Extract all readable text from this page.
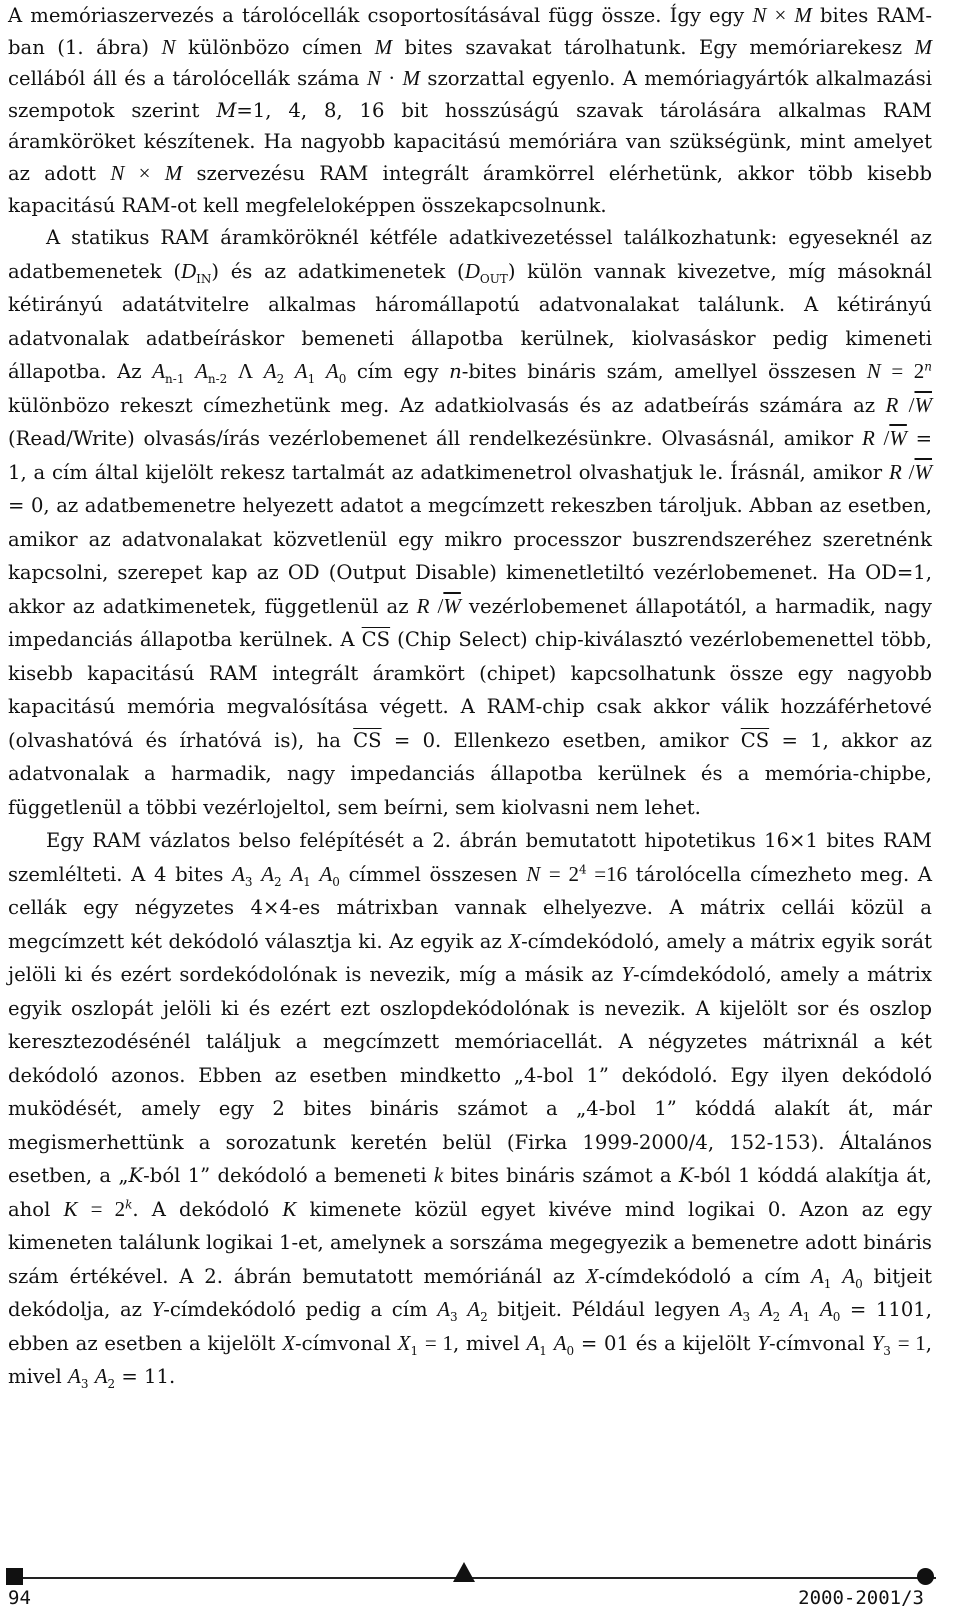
A memóriaszervezés a tárolócellák csoportosításával függ össze. Így egy N × M bites RAM-ban (1. ábra) N különbözo címen M bites szavakat tárolhatunk. Egy memóriarekesz M cellából áll és a tárolócellák száma N · M szorzattal egyenlo. A memóriagyártók alkalmazási szempotok szerint M=1, 4, 8, 16 bit hosszúságú szavak tárolására alkalmas RAM áramköröket készítenek. Ha nagyobb kapacitású memóriára van szükségünk, mint amelyet az adott N × M szervezésu RAM integrált áramkörrel elérhetünk, akkor több kisebb kapacitású RAM-ot kell megfeleloképpen összekapcsolnunk.

A statikus RAM áramköröknél kétféle adatkivezetéssel találkozhatunk: egyeseknél az adatbemenetek $(D_{IN})$ és az adatkimenetek $(D_{OUT})$ külön vannak kivezetve, míg másoknál kétirányú adatátvitelre alkalmas háromállapotú adatvonalakat találunk. A kétirányú adatvonalak adatbeíráskor bemeneti állapotba kerülnek, kiolvasáskor pedig kimeneti állapotba. Az $A_{n-1}$ $A_{n-2}$ Λ $A_2$ $A_1$ $A_0$ cím egy n-bites bináris szám, amellyel összesen $N = 2^n$ különbözo rekeszt címezhetünk meg. Az adatkiolvasás és az adatbeírás számára az R $/\overline{W}$ (Read/Write) olvasás/írás vezérlobemenet áll rendelkezésünkre. Olvasásnál, amikor R $/\overline{W} = 1$, a cím által kijelölt rekesz tartalmát az adatkimenetrol olvashatjuk le. Írásnál, amikor R $/\overline{W} = 0$, az adatbemenetre helyezett adatot a megcímzett rekeszben tároljuk. Abban az esetben, amikor az adatvonalakat közvetlenül egy mikro processzor buszrendszeréhez szeretnénk kapcsolni, szerepet kap az OD (Output Disable) kimenetletiltó vezérlobemenet. Ha OD=1, akkor az adatkimenetek, függetlenül az R $/\overline{W}$ vezérlobemenet állapotától, a harmadik, nagy impedanciás állapotba kerülnek. A $\overline{CS}$ (Chip Select) chip-kiválasztó vezérlobemenettel több, kisebb kapacitású RAM integrált áramkört (chipet) kapcsolhatunk össze egy nagyobb kapacitású memória megvalósítása végett. A RAM-chip csak akkor válik hozzáférhetové (olvashatóvá és írhatóvá is), ha $\overline{CS} = 0$. Ellenkezo esetben, amikor $\overline{CS} = 1$, akkor az adatvonalak a harmadik, nagy impedanciás állapotba kerülnek és a memória-chipbe, függetlenül a többi vezérlojeltol, sem beírni, sem kiolvasni nem lehet.

Egy RAM vázlatos belso felépítését a 2. ábrán bemutatott hipotetikus 16×1 bites RAM szemlélteti. A 4 bites $A_3$ $A_2$ $A_1$ $A_0$ címmel összesen $N = 2^4 =16$ tárolócella címezheto meg. A cellák egy négyzetes 4×4-es mátrixban vannak elhelyezve. A mátrix cellái közül a megcímzett két dekódoló választja ki. Az egyik az X-címdekódoló, amely a mátrix egyik sorát jelöli ki és ezért sordekódolónak is nevezik, míg a másik az Y-címdekódoló, amely a mátrix egyik oszlopát jelöli ki és ezért ezt oszlopdekódolónak is nevezik. A kijelölt sor és oszlop keresztezodésénél találjuk a megcímzett memóriacellát. A négyzetes mátrixnál a két dekódoló azonos. Ebben az esetben mindketto „4-bol 1” dekódoló. Egy ilyen dekódoló muködését, amely egy 2 bites bináris számot a „4-bol 1” kóddá alakít át, már megismerhettünk a sorozatunk keretén belül (Firka 1999-2000/4, 152-153). Általános esetben, a „K-ból 1” dekódoló a bemeneti k bites bináris számot a K-ból 1 kóddá alakítja át, ahol $K = 2^k$. A dekódoló K kimenete közül egyet kivéve mind logikai 0. Azon az egy kimeneten találunk logikai 1-et, amelynek a sorszáma megegyezik a bemenetre adott bináris szám értékével. A 2. ábrán bemutatott memóriánál az X-címdekódoló a cím $A_1$ $A_0$ bitjeit dekódolja, az Y-címdekódoló pedig a cím $A_3$ $A_2$ bitjeit. Például legyen $A_3$ $A_2$ $A_1$ $A_0 = 1101$, ebben az esetben a kijelölt X-címvonal $X_1 = 1$, mivel $A_1$ $A_0 = 01$ és a kijelölt Y-címvonal $Y_3 = 1$, mivel $A_3$ $A_2 = 11$.

94	2000-2001/3
